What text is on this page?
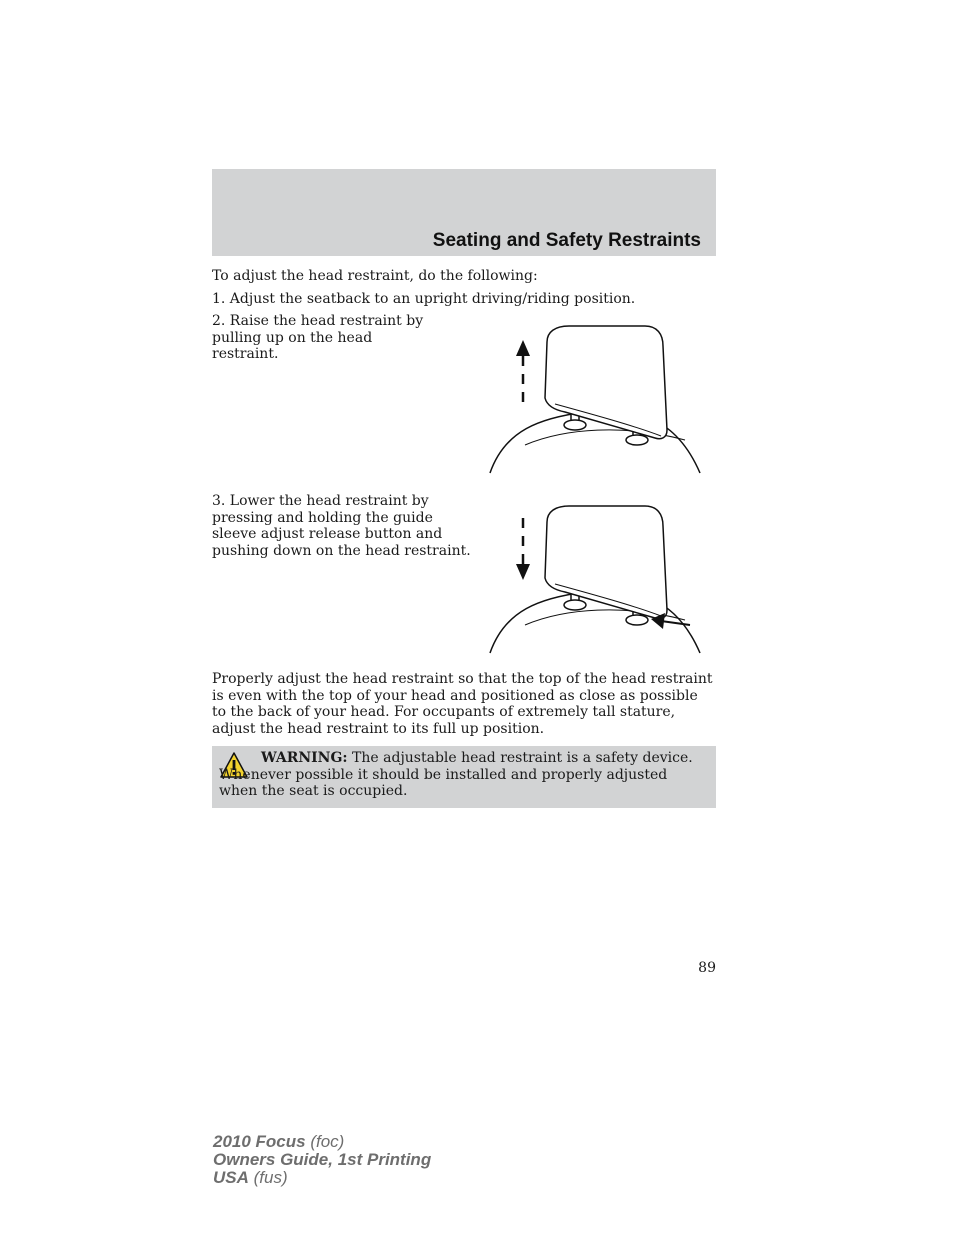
Seating and Safety Restraints

To adjust the head restraint, do the following:

1. Adjust the seatback to an upright driving/riding position.

2. Raise the head restraint by pulling up on the head restraint.

3. Lower the head restraint by pressing and holding the guide sleeve adjust release button and pushing down on the head restraint.

Properly adjust the head restraint so that the top of the head restraint is even with the top of your head and positioned as close as possible to the back of your head. For occupants of extremely tall stature, adjust the head restraint to its full up position.

WARNING: The adjustable head restraint is a safety device. Whenever possible it should be installed and properly adjusted when the seat is occupied.

89
2010 Focus (foc)
Owners Guide, 1st Printing
USA (fus)
